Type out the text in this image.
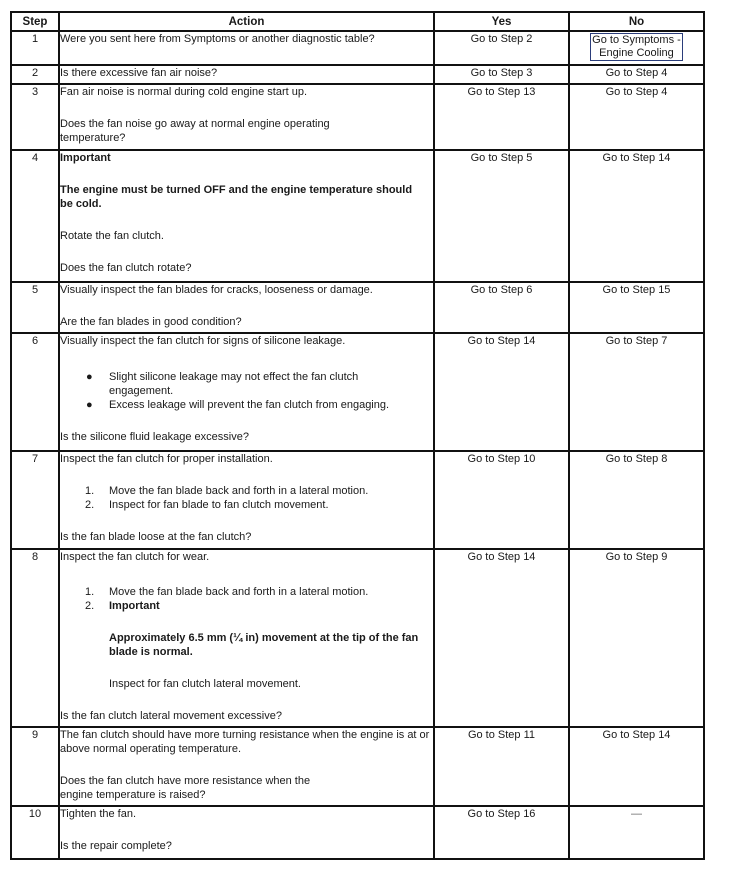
Step	Action	Yes	No
1	Were you sent here from Symptoms or another diagnostic table?	Go to Step 2	Go to Symptoms -
Engine Cooling
2	Is there excessive fan air noise?	Go to Step 3	Go to Step 4
3	Fan air noise is normal during cold engine start up.

Does the fan noise go away at normal engine operating temperature?	Go to Step 13	Go to Step 4
4	Important

The engine must be turned OFF and the engine temperature should be cold.

Rotate the fan clutch.

Does the fan clutch rotate?	Go to Step 5	Go to Step 14
5	Visually inspect the fan blades for cracks, looseness or damage.

Are the fan blades in good condition?	Go to Step 6	Go to Step 15
6	Visually inspect the fan clutch for signs of silicone leakage.

● Slight silicone leakage may not effect the fan clutch engagement.
● Excess leakage will prevent the fan clutch from engaging.

Is the silicone fluid leakage excessive?

	Go to Step 14	Go to Step 7
7	Inspect the fan clutch for proper installation.

1. Move the fan blade back and forth in a lateral motion.
2. Inspect for fan blade to fan clutch movement.

Is the fan blade loose at the fan clutch?

	Go to Step 10	Go to Step 8
8	Inspect the fan clutch for wear.

1. Move the fan blade back and forth in a lateral motion.
2. Important

Approximately 6.5 mm (¼ in) movement at the tip of the fan blade is normal.

Inspect for fan clutch lateral movement.

Is the fan clutch lateral movement excessive?

	Go to Step 14	Go to Step 9
9	The fan clutch should have more turning resistance when the engine is at or above normal operating temperature.

Does the fan clutch have more resistance when the engine temperature is raised?	Go to Step 11	Go to Step 14
10	Tighten the fan.

Is the repair complete?	Go to Step 16	—
